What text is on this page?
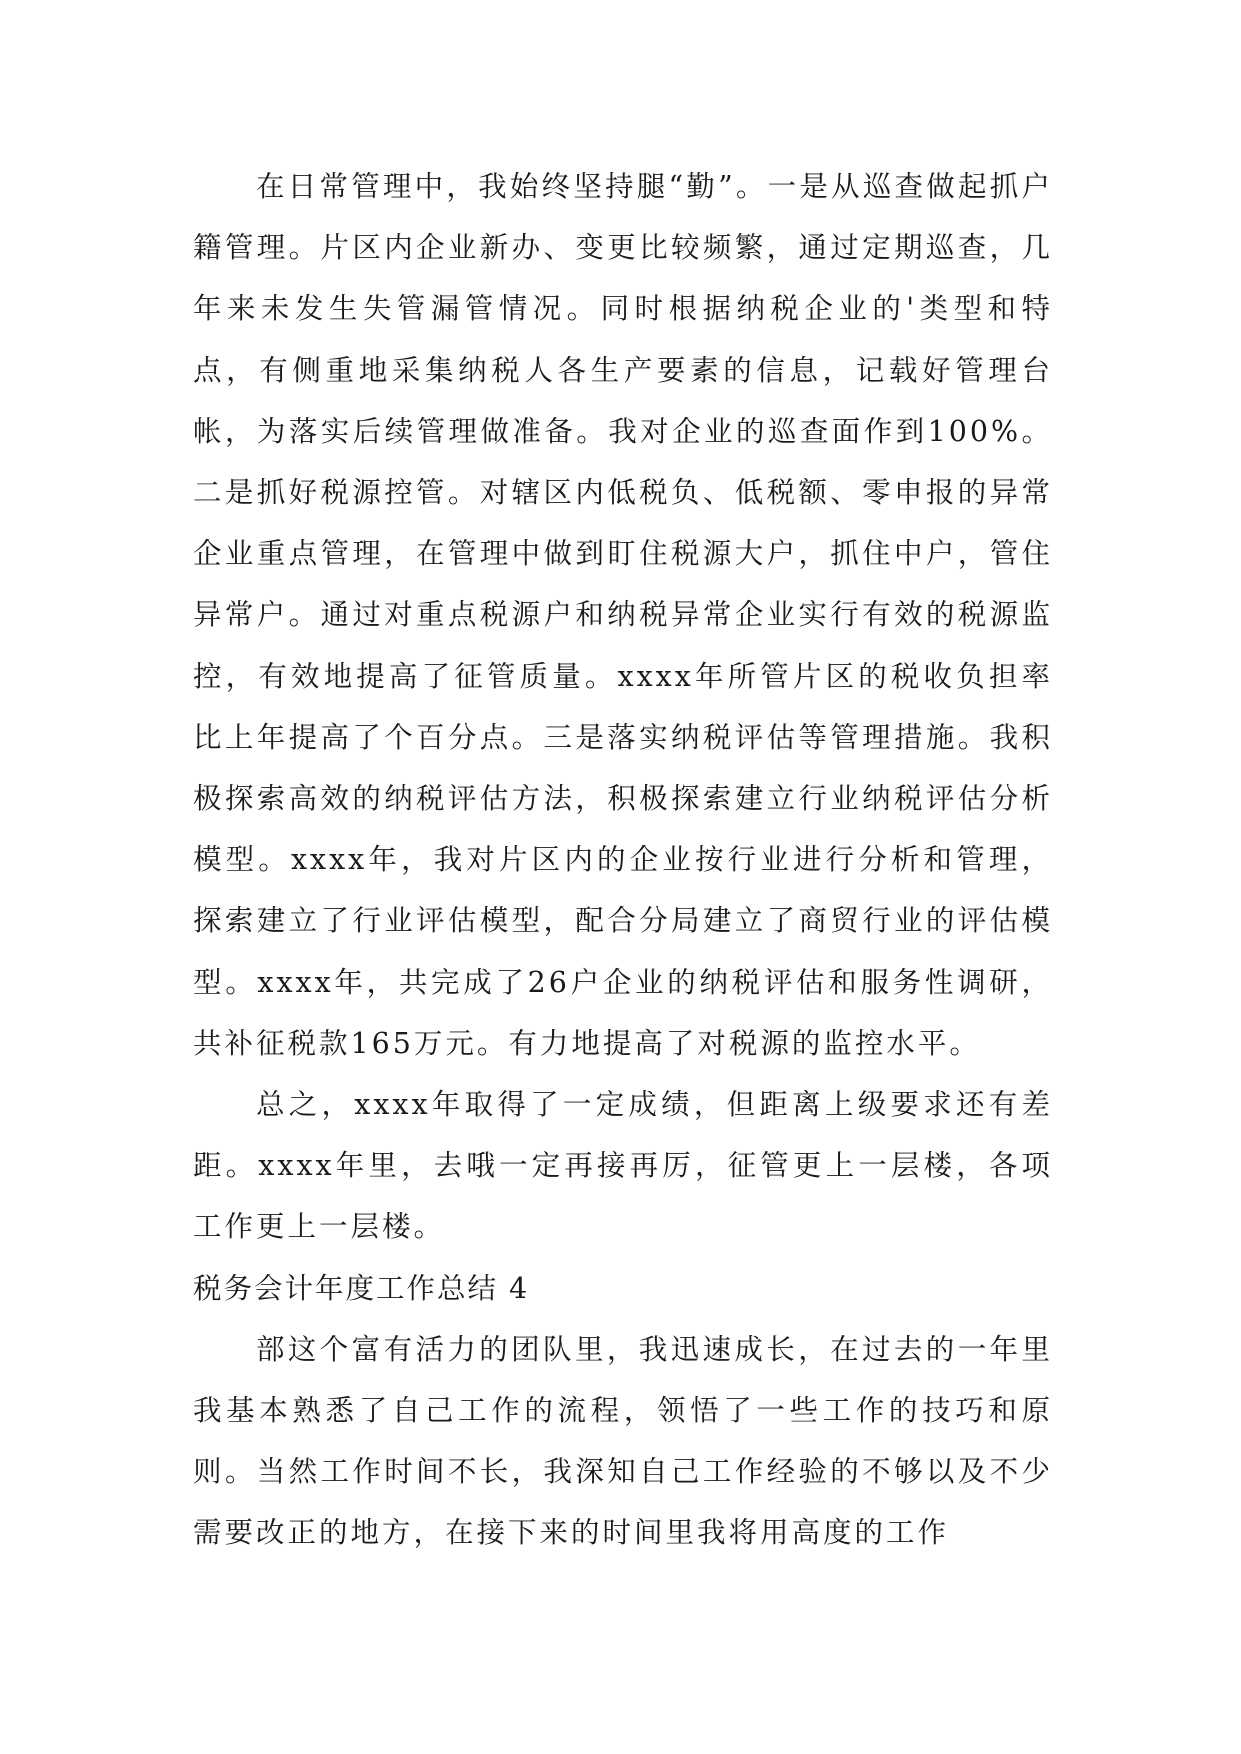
在日常管理中，我始终坚持腿“勤”。一是从巡查做起抓户籍管理。片区内企业新办、变更比较频繁，通过定期巡查，几年来未发生失管漏管情况。同时根据纳税企业的'类型和特点，有侧重地采集纳税人各生产要素的信息，记载好管理台帐，为落实后续管理做准备。我对企业的巡查面作到100%。二是抓好税源控管。对辖区内低税负、低税额、零申报的异常企业重点管理，在管理中做到盯住税源大户，抓住中户，管住异常户。通过对重点税源户和纳税异常企业实行有效的税源监控，有效地提高了征管质量。xxxx年所管片区的税收负担率比上年提高了个百分点。三是落实纳税评估等管理措施。我积极探索高效的纳税评估方法，积极探索建立行业纳税评估分析模型。xxxx年，我对片区内的企业按行业进行分析和管理，探索建立了行业评估模型，配合分局建立了商贸行业的评估模型。xxxx年，共完成了26户企业的纳税评估和服务性调研，共补征税款165万元。有力地提高了对税源的监控水平。

总之，xxxx年取得了一定成绩，但距离上级要求还有差距。xxxx年里，去哦一定再接再厉，征管更上一层楼，各项工作更上一层楼。

税务会计年度工作总结 4

部这个富有活力的团队里，我迅速成长，在过去的一年里我基本熟悉了自己工作的流程，领悟了一些工作的技巧和原则。当然工作时间不长，我深知自己工作经验的不够以及不少需要改正的地方，在接下来的时间里我将用高度的工作
